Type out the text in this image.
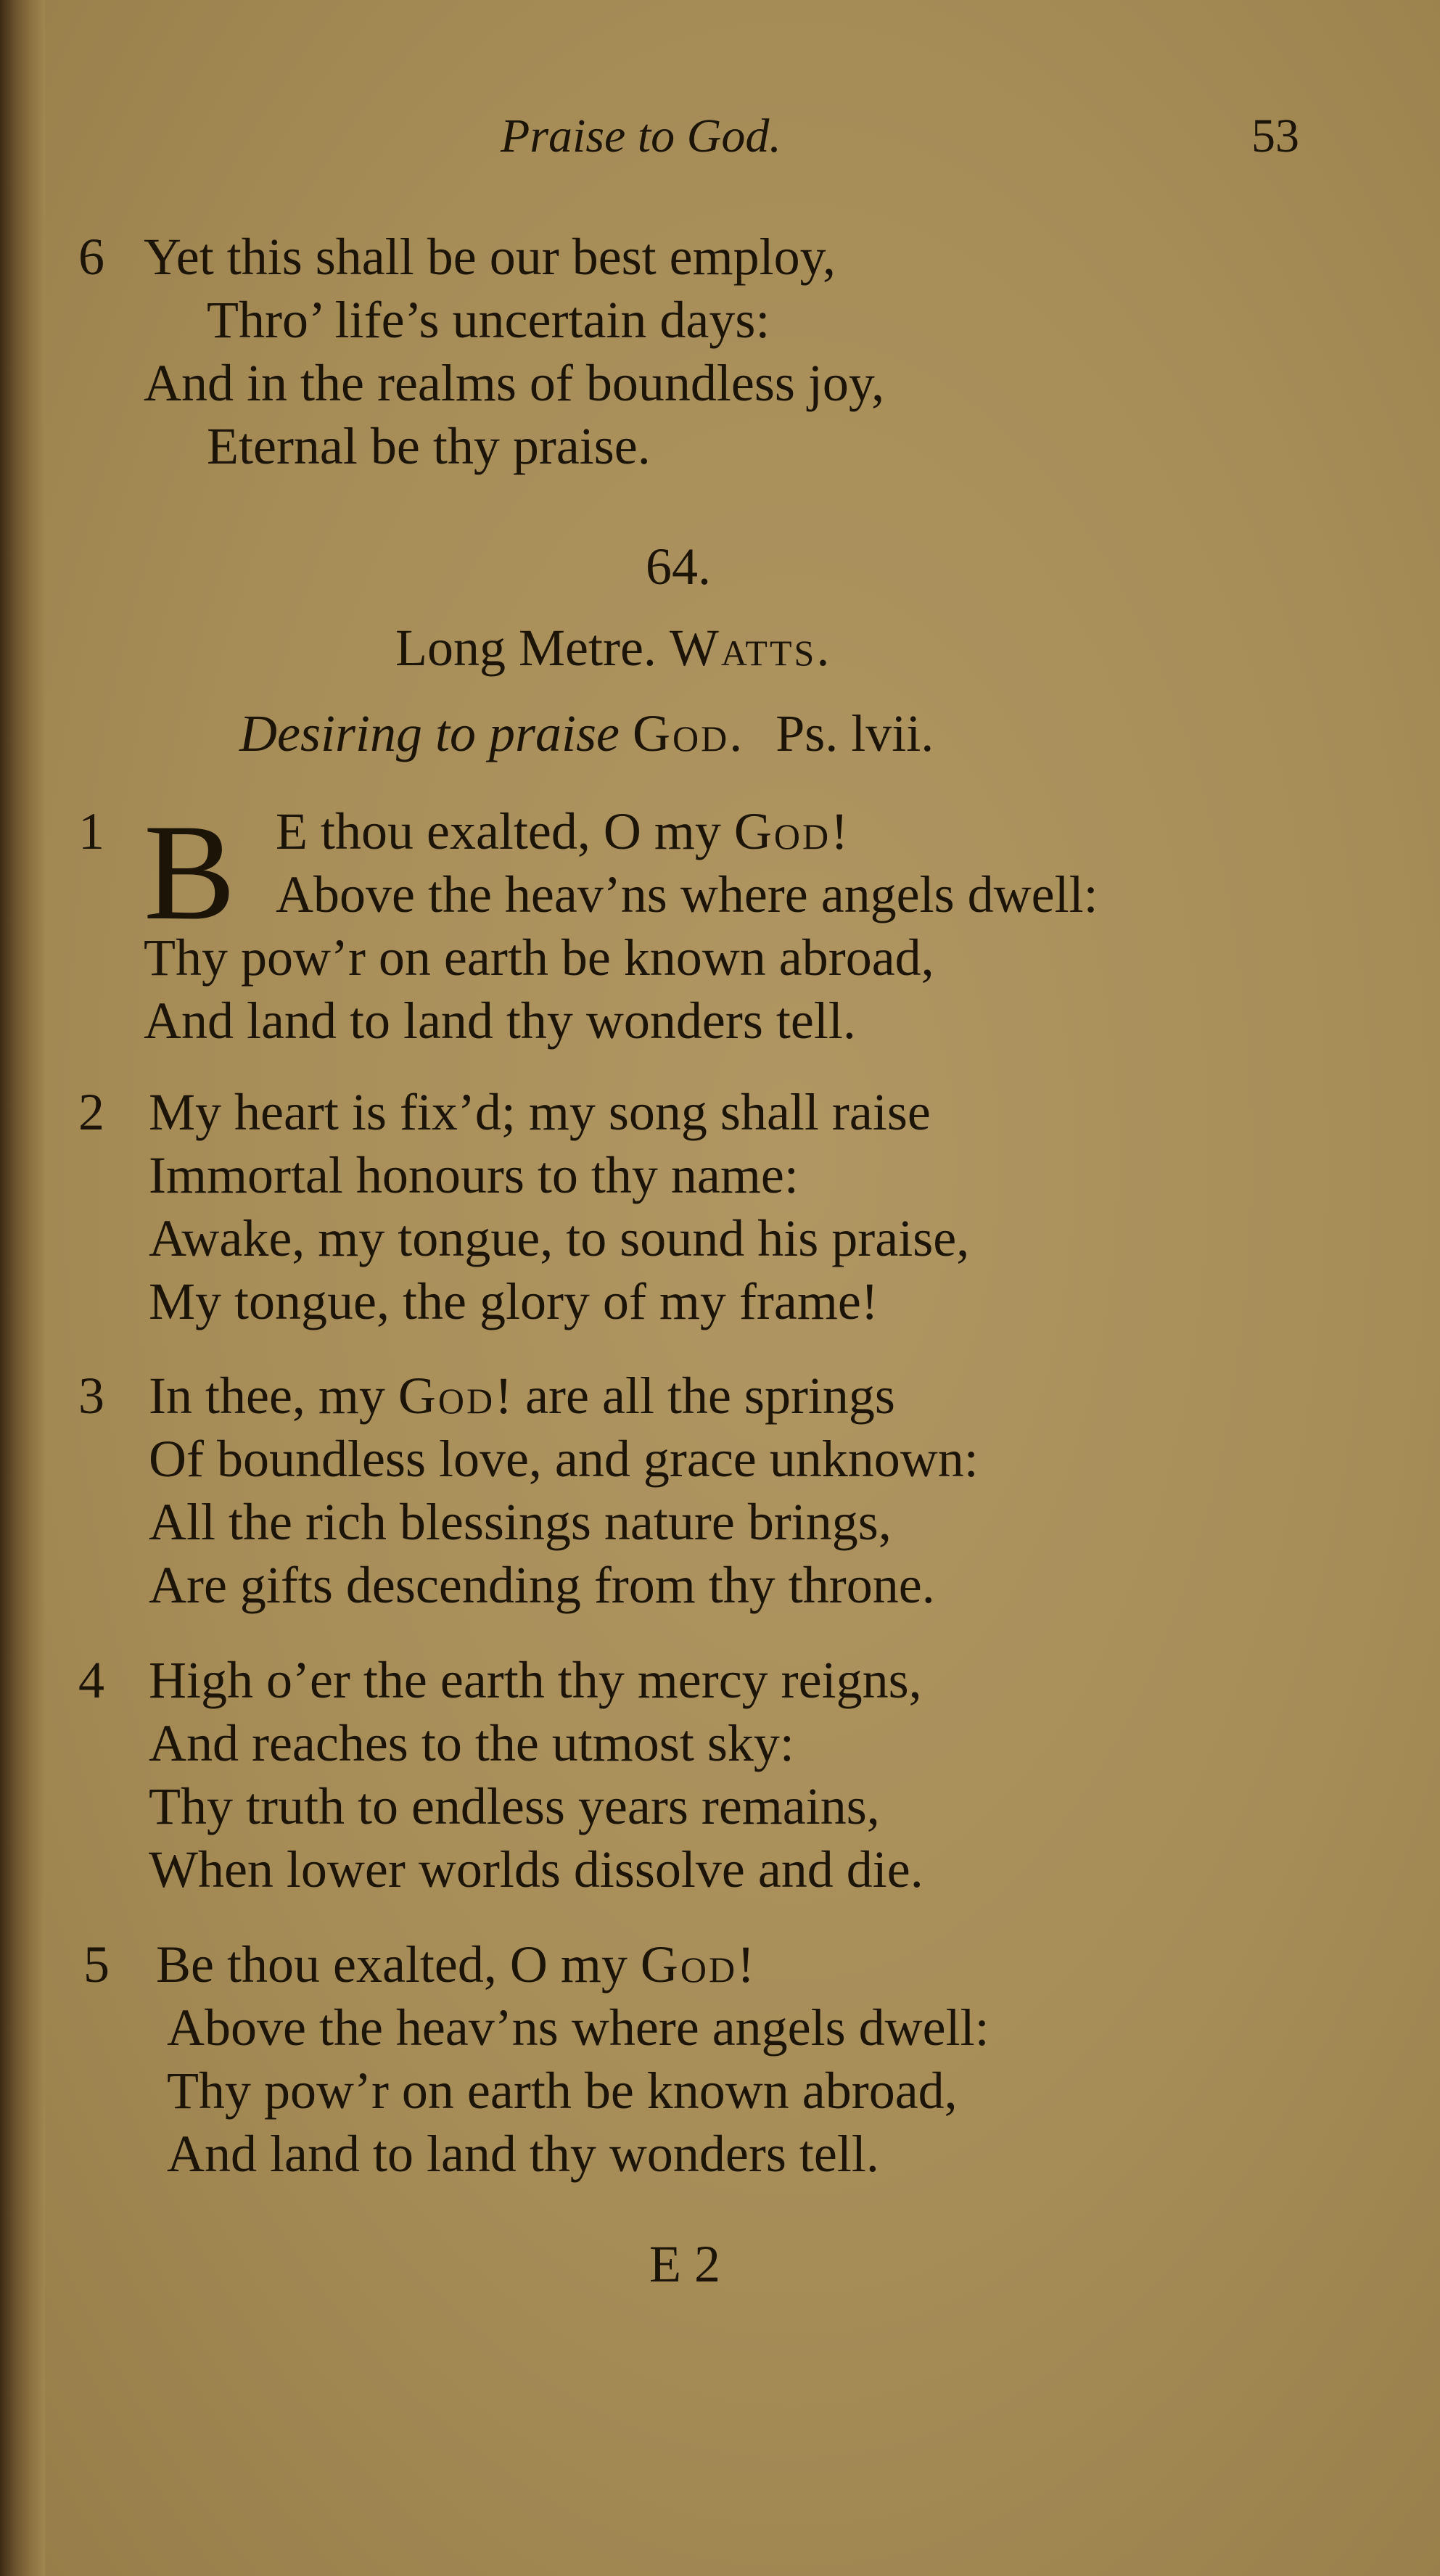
Praise to God.	53
6 Yet this shall be our best employ,
Thro’ life’s uncertain days:
And in the realms of boundless joy,
Eternal be thy praise.
64.
Long Metre. Watts.
Desiring to praise God. Ps. lvii.
1 B E thou exalted, O my God!
Above the heav’ns where angels dwell:
Thy pow’r on earth be known abroad,
And land to land thy wonders tell.
2 My heart is fix’d; my song shall raise
Immortal honours to thy name:
Awake, my tongue, to sound his praise,
My tongue, the glory of my frame!
3 In thee, my God! are all the springs
Of boundless love, and grace unknown:
All the rich blessings nature brings,
Are gifts descending from thy throne.
4 High o’er the earth thy mercy reigns,
And reaches to the utmost sky:
Thy truth to endless years remains,
When lower worlds dissolve and die.
5 Be thou exalted, O my God!
Above the heav’ns where angels dwell:
Thy pow’r on earth be known abroad,
And land to land thy wonders tell.
E 2
